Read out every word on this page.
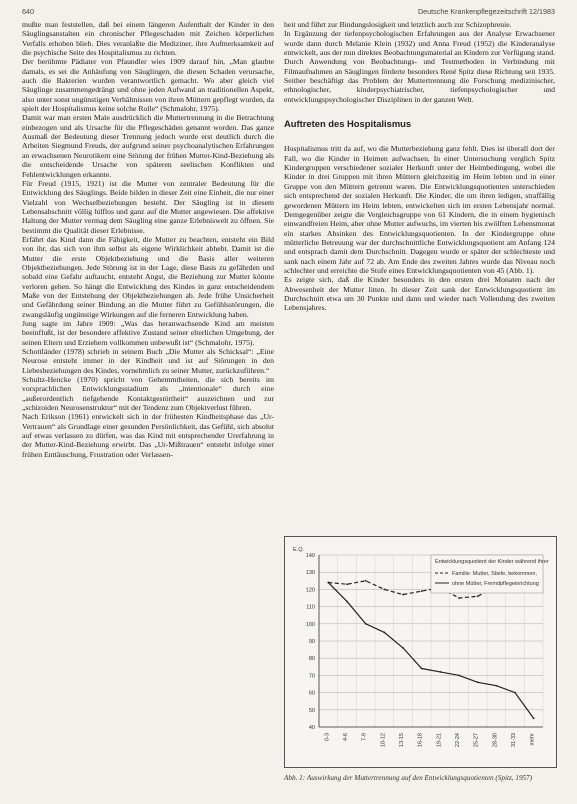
640	Deutsche Krankenpflegezeitschrift 12/1983

mußte man feststellen, daß bei einem längeren Aufenthalt der Kinder in den Säuglingsanstalten ein chronischer Pflegeschaden mit Zeichen körperlichen Verfalls erhoben blieb. Dies veranlaßte die Mediziner, ihre Aufmerksamkeit auf die psychische Seite des Hospitalismus zu richten.

Der berühmte Pädiater von Pfaundler wies 1909 darauf hin, „Man glaubte damals, es sei die Anhäufung von Säuglingen, die diesen Schaden verursache, auch die Bakterien wurden verantwortlich gemacht. Wo aber gleich viel Säuglinge zusammengedrängt und ohne jeden Aufwand an traditionellen Aspekt, also unter sonst ungünstigen Verhältnissen von ihren Müttern gepflegt wurden, da spielt der Hospitalismus keine solche Rolle“ (Schmalohr, 1975).

Damit war man ersten Male ausdrücklich die Muttertrennung in die Betrachtung einbezogen und als Ursache für die Pflegeschäden genannt worden. Das ganze Ausmaß der Bedeutung dieser Trennung jedoch wurde erst deutlich durch die Arbeiten Siegmund Freuds, der aufgrund seiner psychoanalytischen Erfahrungen an erwachsenen Neurotikern eine Störung der frühen Mutter-Kind-Beziehung als die entscheidende Ursache von späteren seelischen Konflikten und Fehlentwicklungen erkannte.

Für Freud (1915, 1921) ist die Mutter von zentraler Bedeutung für die Entwicklung des Säuglings. Beide bilden in dieser Zeit eine Einheit, die nur einer Vielzahl von Wechselbeziehungen besteht. Der Säugling ist in diesem Lebensabschnitt völlig hilflos und ganz auf die Mutter angewiesen. Die affektive Haltung der Mutter vermag dem Säugling eine ganze Erlebniswelt zu öffnen. Sie bestimmt die Qualität dieser Erlebnisse.

Erfährt das Kind dann die Fähigkeit, die Mutter zu beachten, entsteht ein Bild von ihr, das sich von ihm selbst als eigene Wirklichkeit abhebt. Damit ist die Mutter die erste Objektbeziehung und die Basis aller weiteren Objektbeziehungen. Jede Störung ist in der Lage, diese Basis zu gefährden und sobald eine Gefahr auftaucht, entsteht Angst, die Beziehung zur Mutter könnte verloren gehen. So hängt die Entwicklung des Kindes in ganz entscheidendem Maße von der Entstehung der Objektbeziehungen ab. Jede frühe Unsicherheit und Gefährdung seiner Bindung an die Mutter führt zu Gefühlsstörungen, die zwangsläufig ungünstige Wirkungen auf die ferneren Entwicklung haben.

Jung sagte im Jahre 1909: „Was das heranwachsende Kind am meisten beeinflußt, ist der besondere affektive Zustand seiner elterlichen Umgebung, der seinen Eltern und Erziehern vollkommen unbewußt ist“ (Schmalohr, 1975).

Schottländer (1978) schrieb in seinem Buch „Die Mutter als Schicksal“: „Eine Neurose entsteht immer in der Kindheit und ist auf Störungen in den Liebesbeziehungen des Kindes, vornehmlich zu seiner Mutter, zurückzuführen.“

Schultz-Hencke (1970) spricht von Gehemmtheiten, die sich bereits im vorsprachlichen Entwicklungsstadium als „intentionale“ durch eine „außerordentlich tiefgehende Kontaktgestörtheit“ auszeichnen und zur „schizoiden Neurosenstruktur“ mit der Tendenz zum Objektverlust führen.

Nach Erikson (1961) entwickelt sich in der frühesten Kindheitsphase das „Ur-Vertrauen“ als Grundlage einer gesunden Persönlichkeit, das Gefühl, sich absolut auf etwas verlassen zu dürfen, was das Kind mit entsprechender Urerfahrung in der Mutter-Kind-Beziehung erwirbt. Das „Ur-Mißtrauen“ entsteht infolge einer frühen Enttäuschung, Frustration oder Verlassen-

heit und führt zur Bindungslosigkeit und letztlich auch zur Schizophrenie.

In Ergänzung der tiefenpsychologischen Erfahrungen aus der Analyse Erwachsener wurde dann durch Melanie Klein (1932) und Anna Freud (1952) die Kinderanalyse entwickelt, aus der nun direktes Beobachtungsmaterial an Kindern zur Verfügung stand. Durch Anwendung von Beobachtungs- und Testmethoden in Verbindung mit Filmaufnahmen an Säuglingen förderte besonders René Spitz diese Richtung seit 1935. Seither beschäftigt das Problem der Muttertrennung die Forschung medizinischer, ethnologischer, kinderpsychiatrischer, tiefenpsychologischer und entwicklungspsychologischer Disziplinen in der ganzen Welt.

Auftreten des Hospitalismus

Hospitalismus tritt da auf, wo die Mutterbeziehung ganz fehlt. Dies ist überall dort der Fall, wo die Kinder in Heimen aufwachsen. In einer Untersuchung verglich Spitz Kindergruppen verschiedener sozialer Herkunft unter der Heimbedingung, wobei die Kinder in drei Gruppen mit ihren Müttern gleichzeitig im Heim lebten und in einer Gruppe von den Müttern getrennt waren. Die Entwicklungsquotienten unterschieden sich entsprechend der sozialen Herkunft. Die Kinder, die um ihren ledigen, straffällig gewordenen Müttern im Heim lebten, entwickelten sich im ersten Lebensjahr normal. Demgegenüber zeigte die Vergleichsgruppe von 61 Kindern, die in einem hygienisch einwandfreien Heim, aber ohne Mutter aufwuchs, im vierten bis zwölften Lebensmonat ein starkes Absinken des Entwicklungsquotienten. In der Kindergruppe ohne mütterliche Betreuung war der durchschnittliche Entwicklungsquotient am Anfang 124 und entsprach damit dem Durchschnitt. Dagegen wurde er später der schlechteste und sank nach einem Jahr auf 72 ab. Am Ende des zweiten Jahres wurde das Niveau noch schlechter und erreichte die Stufe eines Entwicklungsquotienten von 45 (Abb. 1).

Es zeigte sich, daß die Kinder besonders in den ersten drei Monaten nach der Abwesenheit der Mutter litten. In dieser Zeit sank der Entwicklungsquotient im Durchschnitt etwa um 30 Punkte und dann und wieder nach Vollendung des zweiten Lebensjahres.

40
50
60
70
80
90
100
110
120
130
140
E.Q.
0-3 4-6 7-9 10-12 13-15 16-18 19-21 22-24 25-27 28-30 31-33 mehr
Entwicklungsquotient der Kinder während ihrer
Familie: Mutter, Stiefe, bekommen,
ohne Mütter, Fremdpflegeinrichtung
Abb. 1: Auswirkung der Muttertrennung auf den Entwicklungsquotienten (Spitz, 1957)
